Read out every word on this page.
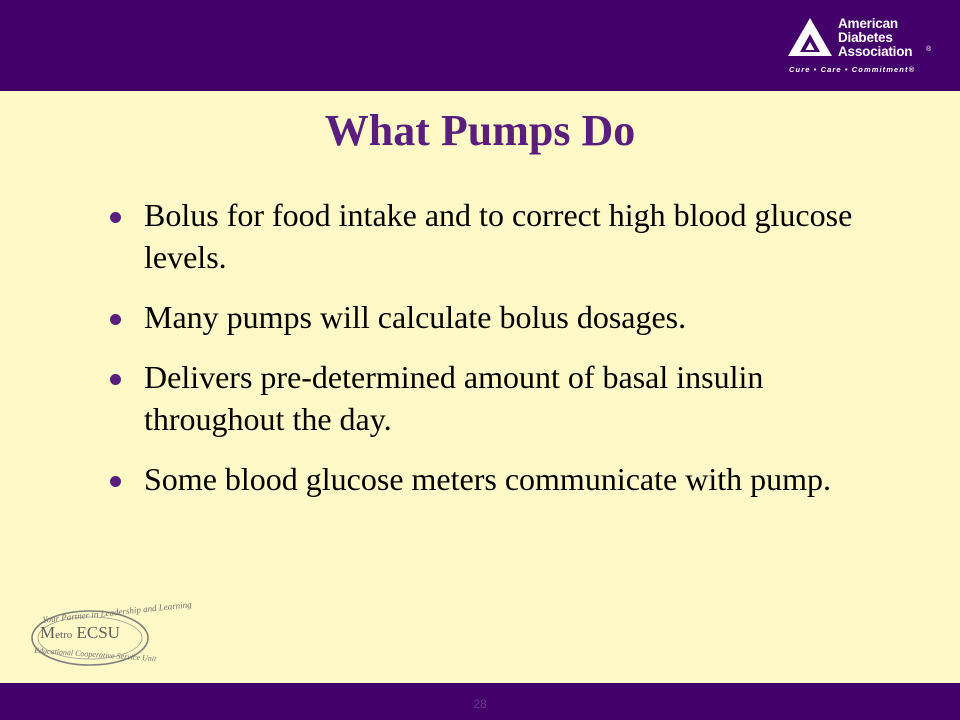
American
Diabetes
Association ®
Cure • Care • Commitment®
What Pumps Do
Bolus for food intake and to correct high blood glucose levels.
Many pumps will calculate bolus dosages.
Delivers pre-determined amount of basal insulin throughout the day.
Some blood glucose meters communicate with pump.
Your Partner in Leadership and Learning
Metro ECSU
Educational Cooperative Service Unit
28
